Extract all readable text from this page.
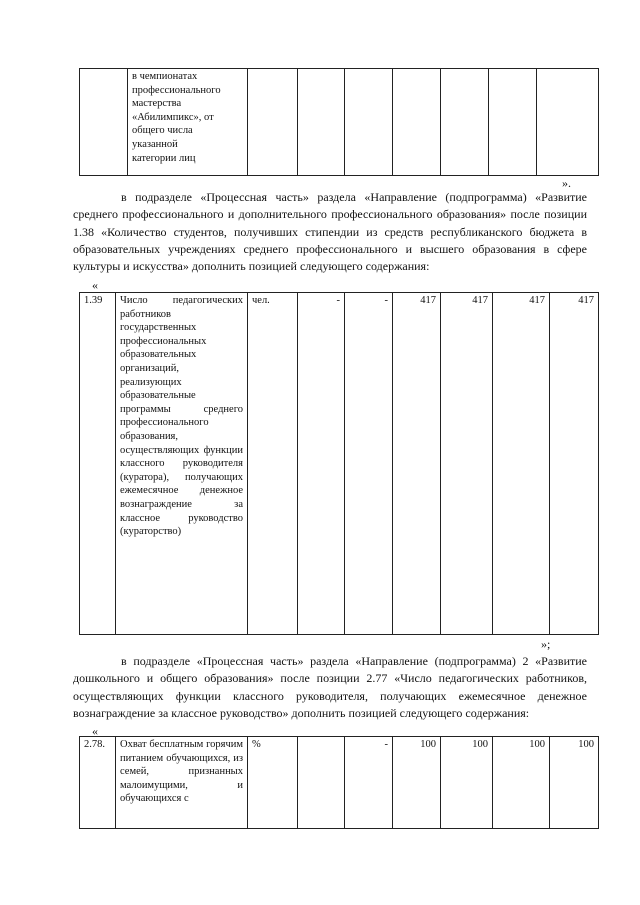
	в чемпионатах
профессионального
мастерства
«Абилимпикс», от
общего числа
указанной
категории лиц							
».
в подразделе «Процессная часть» раздела «Направление (подпрограмма) «Развитие среднего профессионального и дополнительного профессионального образования» после позиции 1.38 «Количество студентов, получивших стипендии из средств республиканского бюджета в образовательных учреждениях среднего профессионального и высшего образования в сфере культуры и искусства» дополнить позицией следующего содержания:
«
1.39	Число педагогических работников государственных профессиональных образовательных организаций, реализующих образовательные программы среднего профессионального образования, осуществляющих функции классного руководителя (куратора), получающих ежемесячное денежное вознаграждение за классное руководство (кураторство)	чел.	-	-	417	417	417	417
»;
в подразделе «Процессная часть» раздела «Направление (подпрограмма) 2 «Развитие дошкольного и общего образования» после позиции 2.77 «Число педагогических работников, осуществляющих функции классного руководителя, получающих ежемесячное денежное вознаграждение за классное руководство» дополнить позицией следующего содержания:
«
2.78.	Охват бесплатным горячим питанием обучающихся, из семей, признанных малоимущими, и обучающихся с	%		-	100	100	100	100
